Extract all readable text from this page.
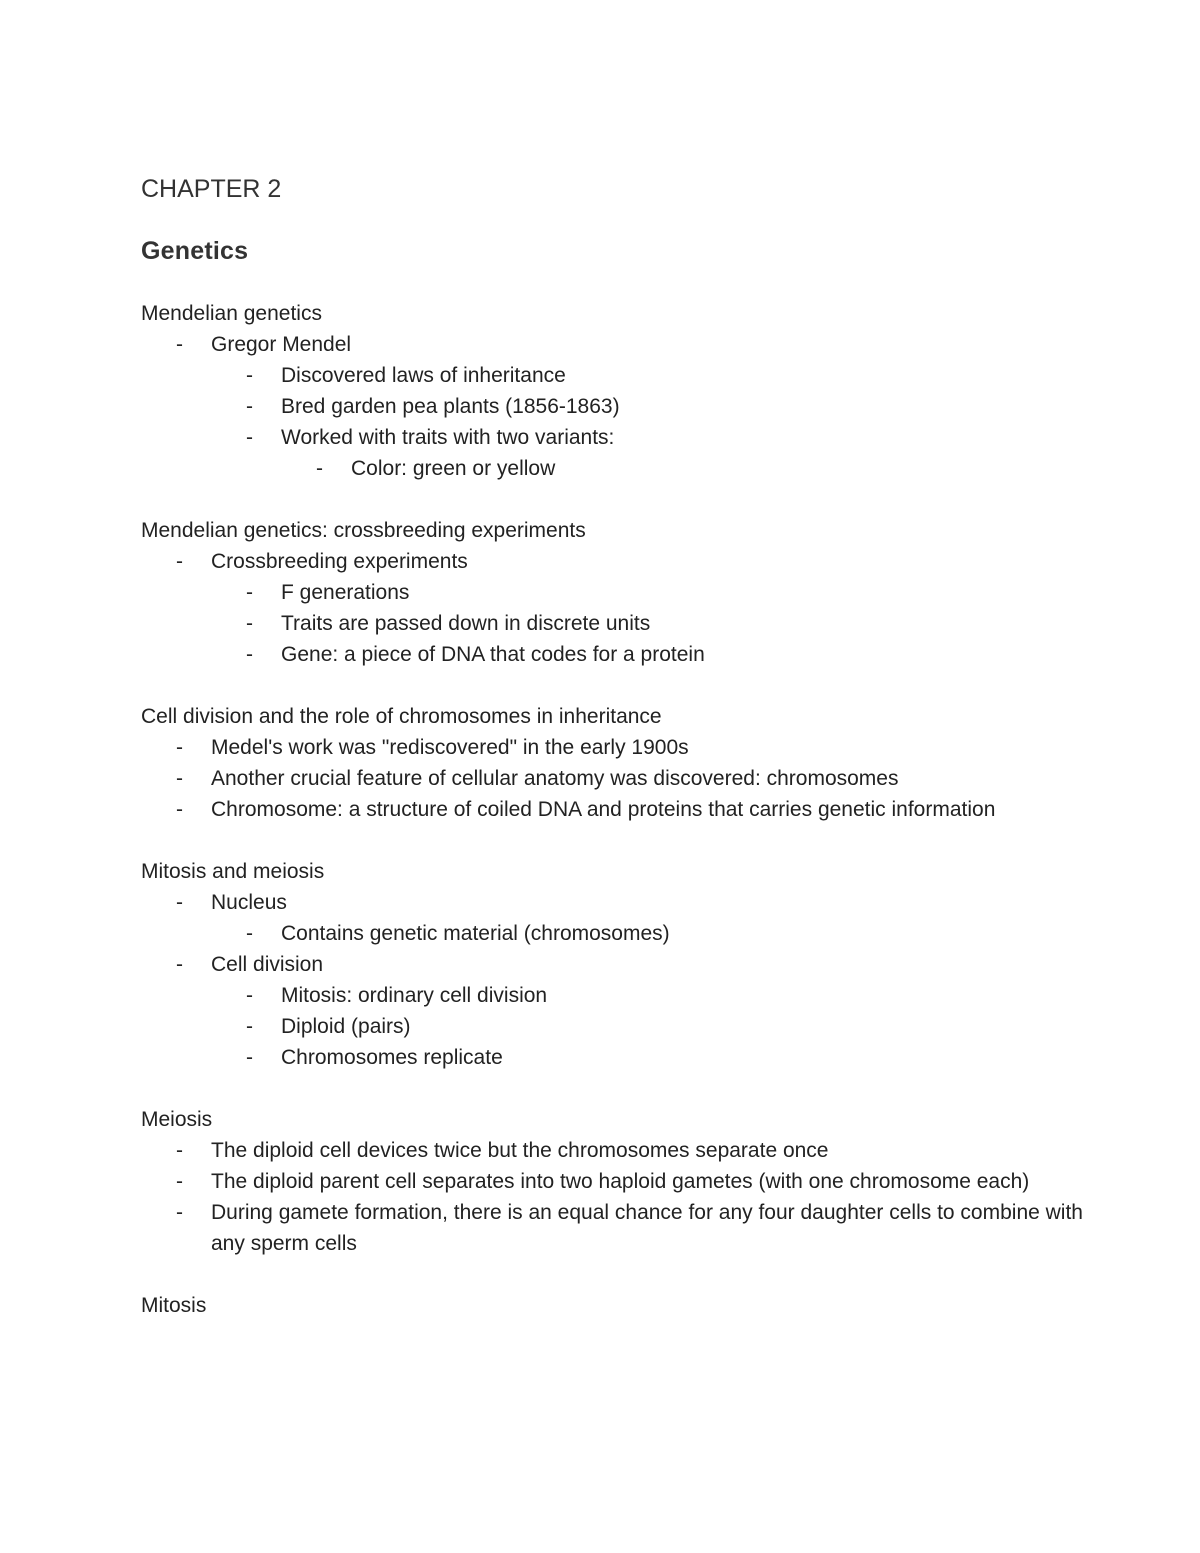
CHAPTER 2
Genetics
Mendelian genetics
- Gregor Mendel
- Discovered laws of inheritance
- Bred garden pea plants (1856-1863)
- Worked with traits with two variants:
- Color: green or yellow
Mendelian genetics: crossbreeding experiments
- Crossbreeding experiments
- F generations
- Traits are passed down in discrete units
- Gene: a piece of DNA that codes for a protein
Cell division and the role of chromosomes in inheritance
- Medel's work was "rediscovered" in the early 1900s
- Another crucial feature of cellular anatomy was discovered: chromosomes
- Chromosome: a structure of coiled DNA and proteins that carries genetic information
Mitosis and meiosis
- Nucleus
- Contains genetic material (chromosomes)
- Cell division
- Mitosis: ordinary cell division
- Diploid (pairs)
- Chromosomes replicate
Meiosis
- The diploid cell devices twice but the chromosomes separate once
- The diploid parent cell separates into two haploid gametes (with one chromosome each)
- During gamete formation, there is an equal chance for any four daughter cells to combine with any sperm cells
Mitosis
